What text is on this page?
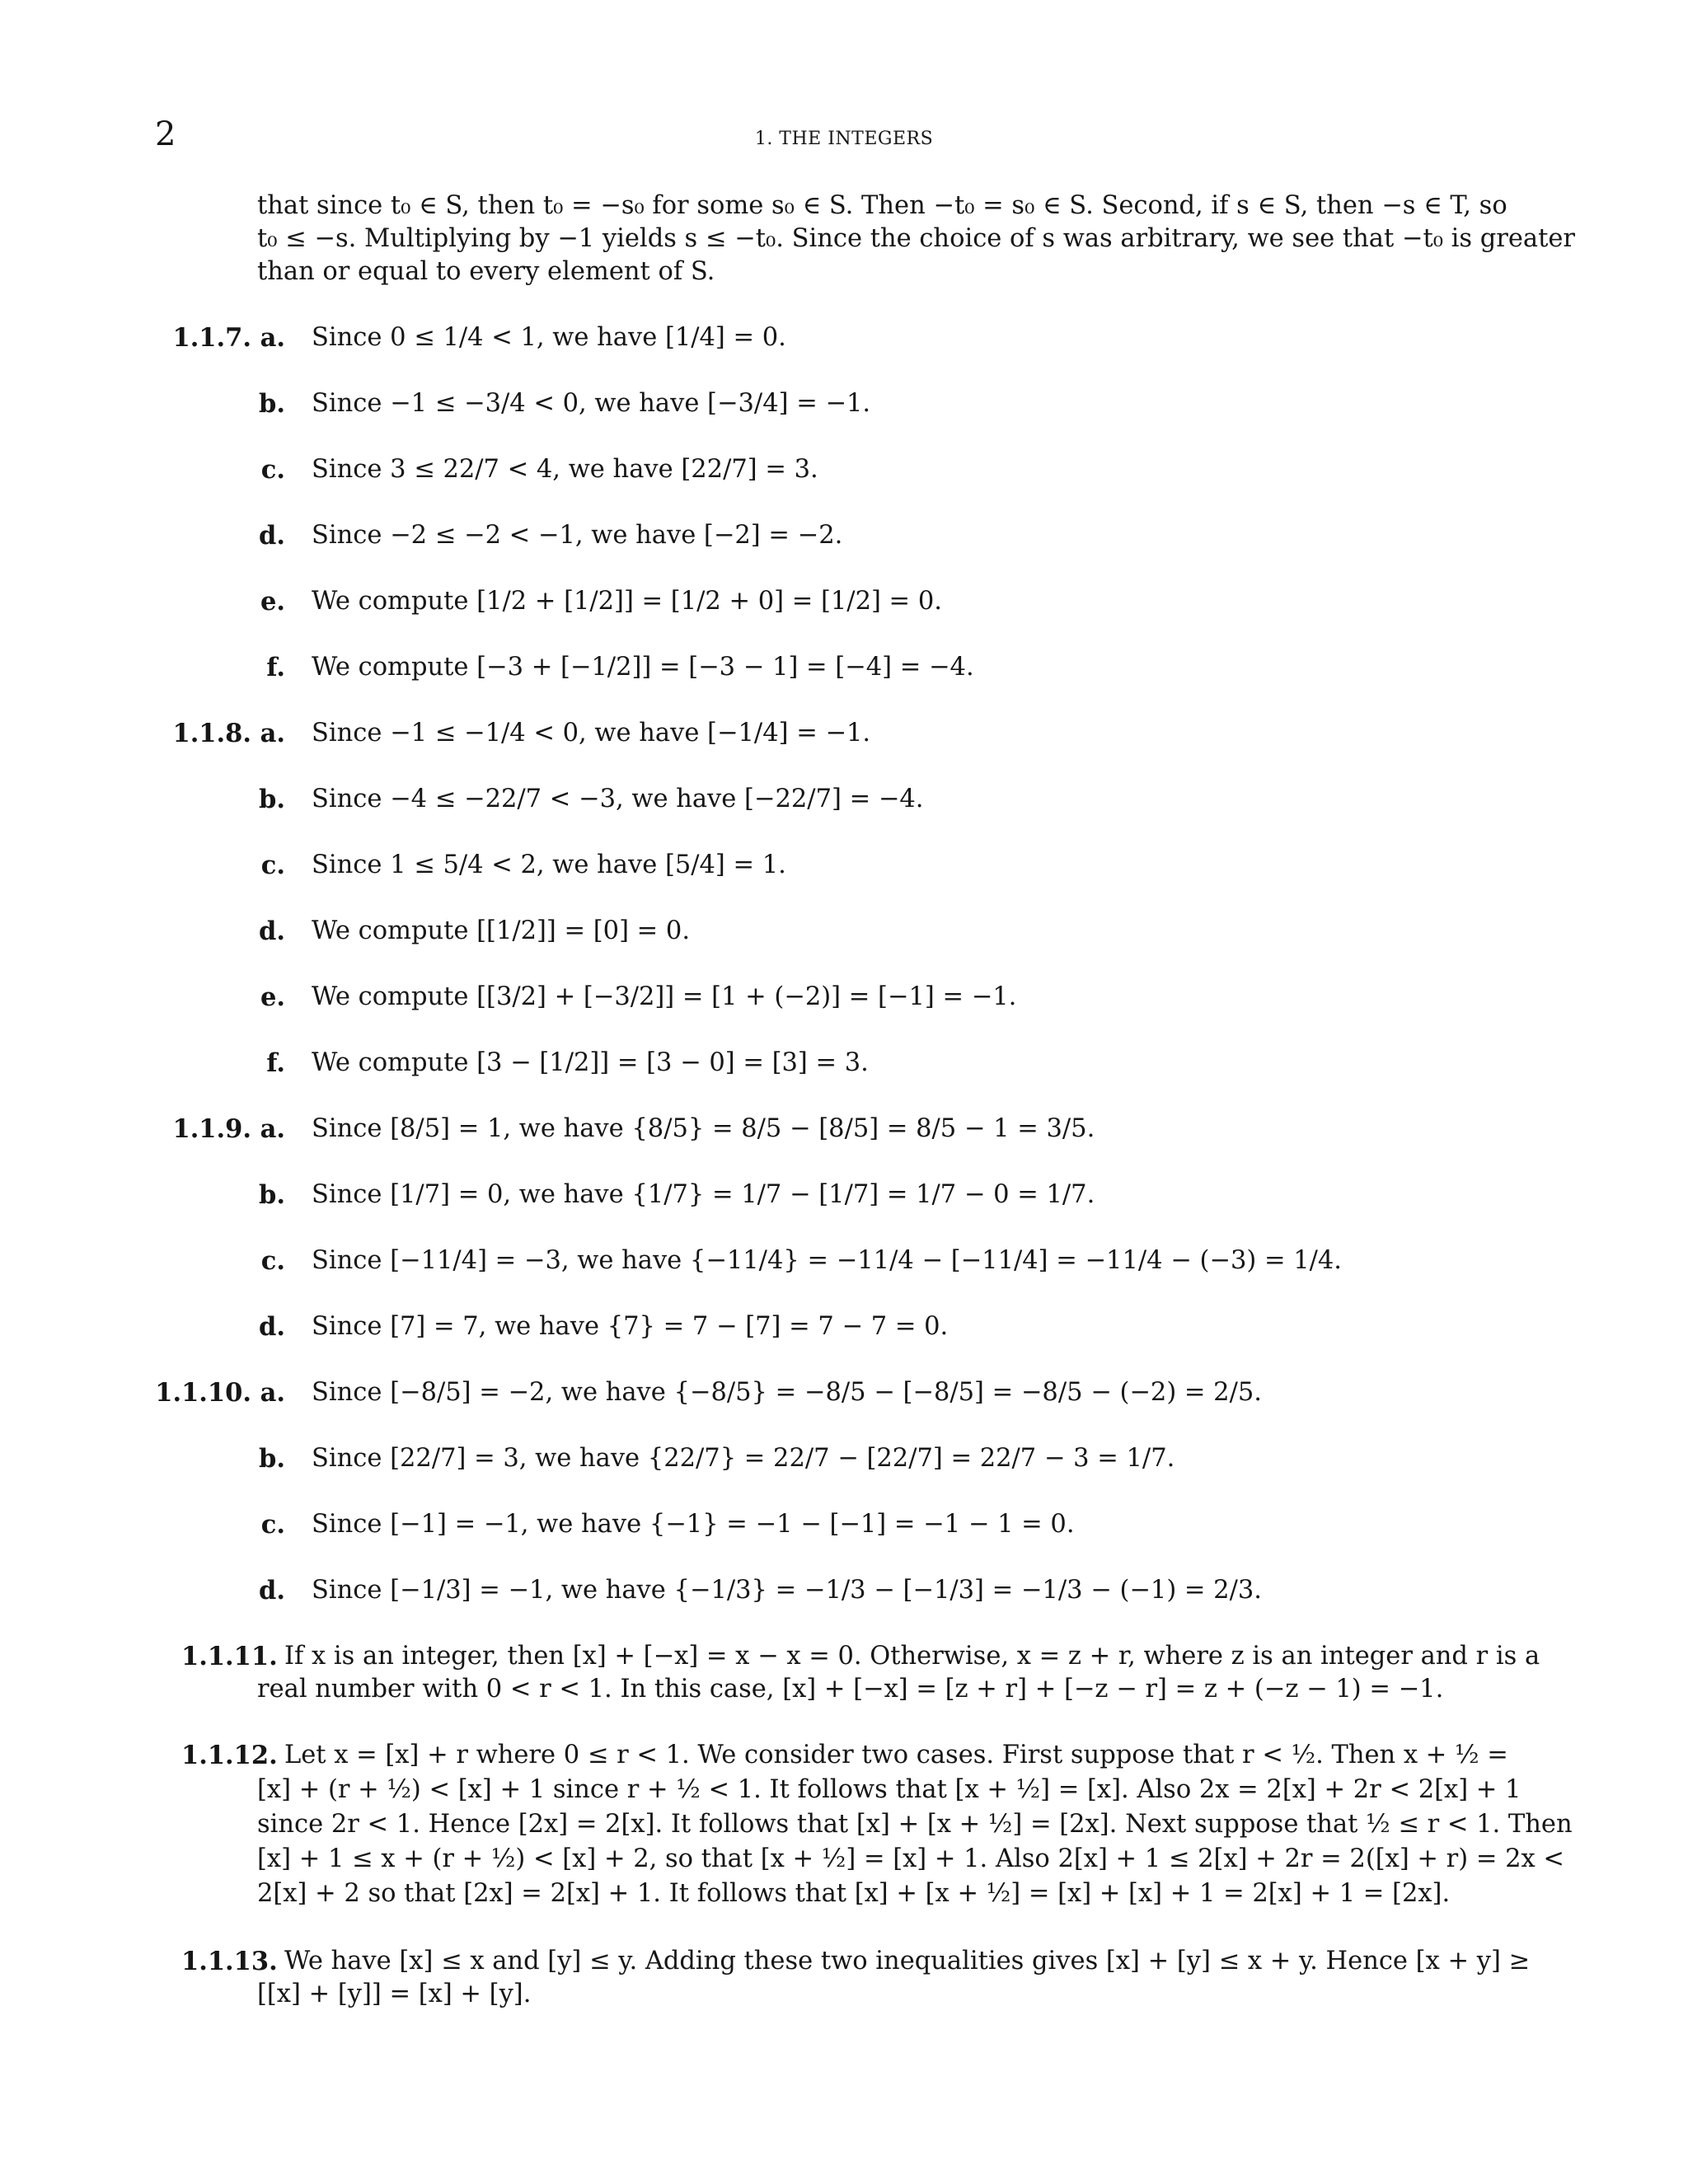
2	1. THE INTEGERS
that since t₀ ∈ S, then t₀ = −s₀ for some s₀ ∈ S. Then −t₀ = s₀ ∈ S. Second, if s ∈ S, then −s ∈ T, so
t₀ ≤ −s. Multiplying by −1 yields s ≤ −t₀. Since the choice of s was arbitrary, we see that −t₀ is greater
than or equal to every element of S.
1.1.7. a. Since 0 ≤ 1/4 < 1, we have [1/4] = 0.
b. Since −1 ≤ −3/4 < 0, we have [−3/4] = −1.
c. Since 3 ≤ 22/7 < 4, we have [22/7] = 3.
d. Since −2 ≤ −2 < −1, we have [−2] = −2.
e. We compute [1/2 + [1/2]] = [1/2 + 0] = [1/2] = 0.
f. We compute [−3 + [−1/2]] = [−3 − 1] = [−4] = −4.
1.1.8. a. Since −1 ≤ −1/4 < 0, we have [−1/4] = −1.
b. Since −4 ≤ −22/7 < −3, we have [−22/7] = −4.
c. Since 1 ≤ 5/4 < 2, we have [5/4] = 1.
d. We compute [[1/2]] = [0] = 0.
e. We compute [[3/2] + [−3/2]] = [1 + (−2)] = [−1] = −1.
f. We compute [3 − [1/2]] = [3 − 0] = [3] = 3.
1.1.9. a. Since [8/5] = 1, we have {8/5} = 8/5 − [8/5] = 8/5 − 1 = 3/5.
b. Since [1/7] = 0, we have {1/7} = 1/7 − [1/7] = 1/7 − 0 = 1/7.
c. Since [−11/4] = −3, we have {−11/4} = −11/4 − [−11/4] = −11/4 − (−3) = 1/4.
d. Since [7] = 7, we have {7} = 7 − [7] = 7 − 7 = 0.
1.1.10. a. Since [−8/5] = −2, we have {−8/5} = −8/5 − [−8/5] = −8/5 − (−2) = 2/5.
b. Since [22/7] = 3, we have {22/7} = 22/7 − [22/7] = 22/7 − 3 = 1/7.
c. Since [−1] = −1, we have {−1} = −1 − [−1] = −1 − 1 = 0.
d. Since [−1/3] = −1, we have {−1/3} = −1/3 − [−1/3] = −1/3 − (−1) = 2/3.
1.1.11. If x is an integer, then [x] + [−x] = x − x = 0. Otherwise, x = z + r, where z is an integer and r is a
real number with 0 < r < 1. In this case, [x] + [−x] = [z + r] + [−z − r] = z + (−z − 1) = −1.
1.1.12. Let x = [x] + r where 0 ≤ r < 1. We consider two cases. First suppose that r < ½. Then x + ½ =
[x] + (r + ½) < [x] + 1 since r + ½ < 1. It follows that [x + ½] = [x]. Also 2x = 2[x] + 2r < 2[x] + 1
since 2r < 1. Hence [2x] = 2[x]. It follows that [x] + [x + ½] = [2x]. Next suppose that ½ ≤ r < 1. Then
[x] + 1 ≤ x + (r + ½) < [x] + 2, so that [x + ½] = [x] + 1. Also 2[x] + 1 ≤ 2[x] + 2r = 2([x] + r) = 2x <
2[x] + 2 so that [2x] = 2[x] + 1. It follows that [x] + [x + ½] = [x] + [x] + 1 = 2[x] + 1 = [2x].
1.1.13. We have [x] ≤ x and [y] ≤ y. Adding these two inequalities gives [x] + [y] ≤ x + y. Hence [x + y] ≥
[[x] + [y]] = [x] + [y].
